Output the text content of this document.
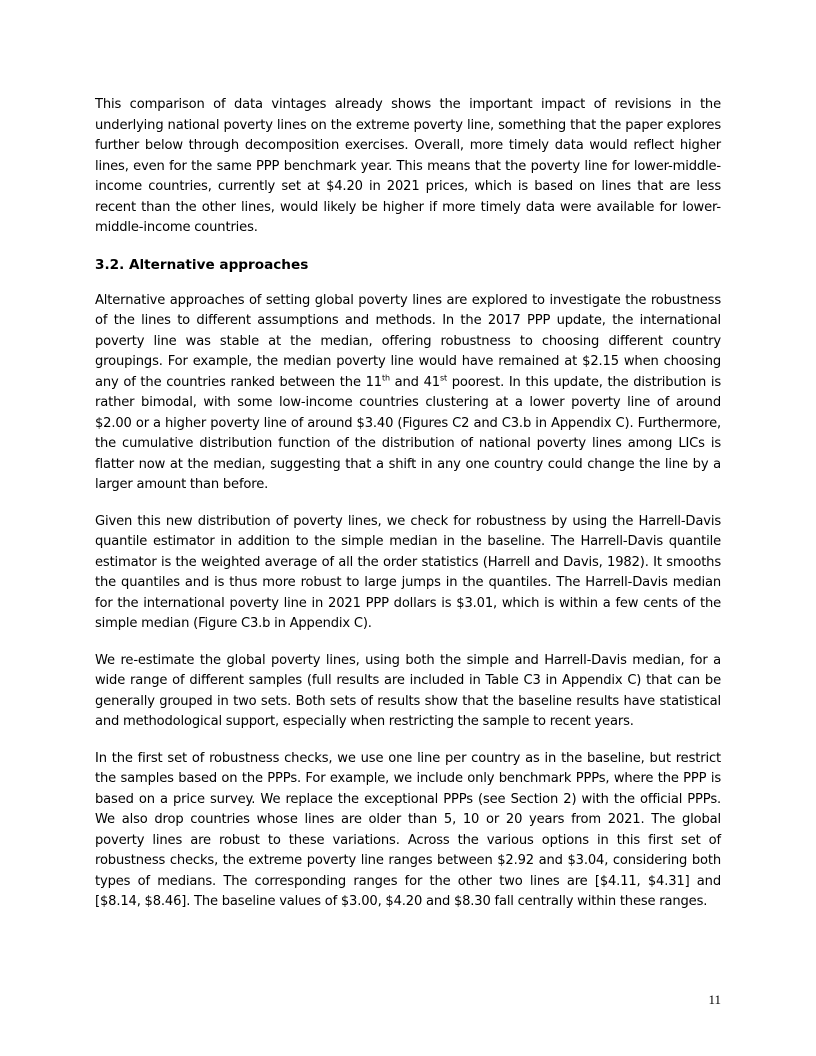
This comparison of data vintages already shows the important impact of revisions in the underlying national poverty lines on the extreme poverty line, something that the paper explores further below through decomposition exercises. Overall, more timely data would reflect higher lines, even for the same PPP benchmark year. This means that the poverty line for lower-middle-income countries, currently set at $4.20 in 2021 prices, which is based on lines that are less recent than the other lines, would likely be higher if more timely data were available for lower-middle-income countries.

3.2. Alternative approaches

Alternative approaches of setting global poverty lines are explored to investigate the robustness of the lines to different assumptions and methods. In the 2017 PPP update, the international poverty line was stable at the median, offering robustness to choosing different country groupings. For example, the median poverty line would have remained at $2.15 when choosing any of the countries ranked between the 11th and 41st poorest. In this update, the distribution is rather bimodal, with some low-income countries clustering at a lower poverty line of around $2.00 or a higher poverty line of around $3.40 (Figures C2 and C3.b in Appendix C). Furthermore, the cumulative distribution function of the distribution of national poverty lines among LICs is flatter now at the median, suggesting that a shift in any one country could change the line by a larger amount than before.

Given this new distribution of poverty lines, we check for robustness by using the Harrell-Davis quantile estimator in addition to the simple median in the baseline. The Harrell-Davis quantile estimator is the weighted average of all the order statistics (Harrell and Davis, 1982). It smooths the quantiles and is thus more robust to large jumps in the quantiles. The Harrell-Davis median for the international poverty line in 2021 PPP dollars is $3.01, which is within a few cents of the simple median (Figure C3.b in Appendix C).

We re-estimate the global poverty lines, using both the simple and Harrell-Davis median, for a wide range of different samples (full results are included in Table C3 in Appendix C) that can be generally grouped in two sets. Both sets of results show that the baseline results have statistical and methodological support, especially when restricting the sample to recent years.

In the first set of robustness checks, we use one line per country as in the baseline, but restrict the samples based on the PPPs. For example, we include only benchmark PPPs, where the PPP is based on a price survey. We replace the exceptional PPPs (see Section 2) with the official PPPs. We also drop countries whose lines are older than 5, 10 or 20 years from 2021. The global poverty lines are robust to these variations. Across the various options in this first set of robustness checks, the extreme poverty line ranges between $2.92 and $3.04, considering both types of medians. The corresponding ranges for the other two lines are [$4.11, $4.31] and [$8.14, $8.46]. The baseline values of $3.00, $4.20 and $8.30 fall centrally within these ranges.

11
